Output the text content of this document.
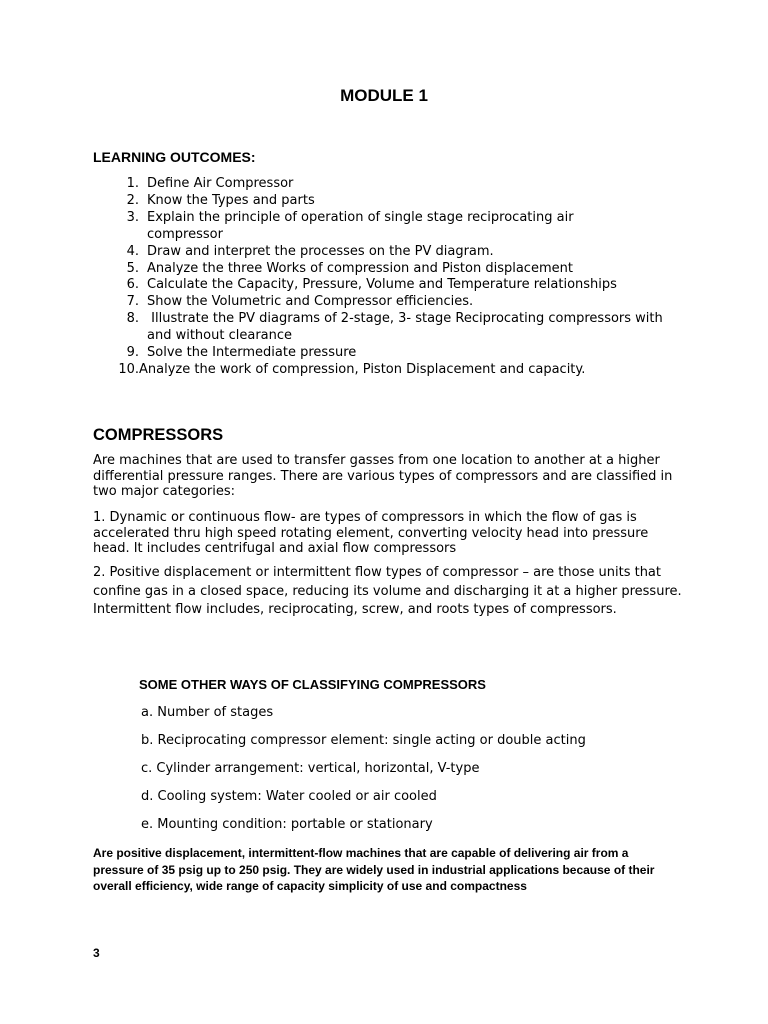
MODULE 1
LEARNING OUTCOMES:
1. Define Air Compressor
2. Know the Types and parts
3. Explain the principle of operation of single stage reciprocating air compressor
4. Draw and interpret the processes on the PV diagram.
5. Analyze the three Works of compression and Piston displacement
6. Calculate the Capacity, Pressure, Volume and Temperature relationships
7. Show the Volumetric and Compressor efficiencies.
8. Illustrate the PV diagrams of 2-stage, 3- stage Reciprocating compressors with and without clearance
9. Solve the Intermediate pressure
10. Analyze the work of compression, Piston Displacement and capacity.
COMPRESSORS
Are machines that are used to transfer gasses from one location to another at a higher differential pressure ranges. There are various types of compressors and are classified in two major categories:
1. Dynamic or continuous flow- are types of compressors in which the flow of gas is accelerated thru high speed rotating element, converting velocity head into pressure head. It includes centrifugal and axial flow compressors
2. Positive displacement or intermittent flow types of compressor – are those units that confine gas in a closed space, reducing its volume and discharging it at a higher pressure. Intermittent flow includes, reciprocating, screw, and roots types of compressors.
SOME OTHER WAYS OF CLASSIFYING COMPRESSORS
a. Number of stages
b. Reciprocating compressor element: single acting or double acting
c. Cylinder arrangement: vertical, horizontal, V-type
d. Cooling system: Water cooled or air cooled
e. Mounting condition: portable or stationary
Are positive displacement, intermittent-flow machines that are capable of delivering air from a pressure of 35 psig up to 250 psig. They are widely used in industrial applications because of their overall efficiency, wide range of capacity simplicity of use and compactness
3
